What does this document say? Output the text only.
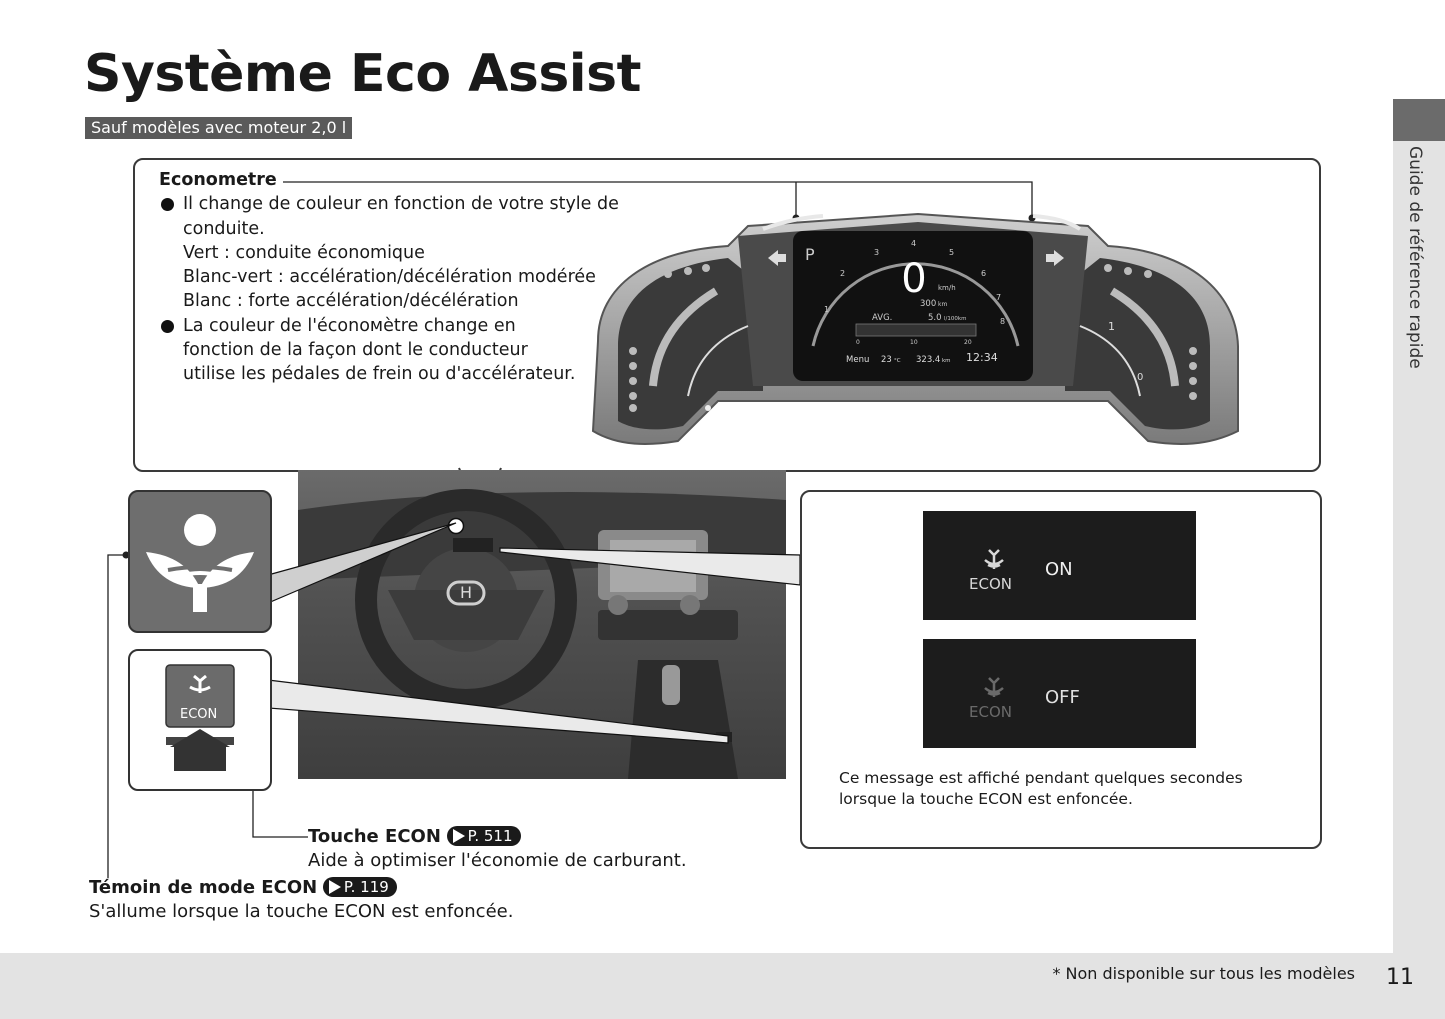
Système Eco Assist
Sauf modèles avec moteur 2,0 l
Guide de référence rapide
Econometre
Il change de couleur en fonction de votre style de
conduite.
Vert : conduite économique
Blanc-vert : accélération/décélération modérée
Blanc : forte accélération/décélération
La couleur de l'éconoмètre change en
fonction de la façon dont le conducteur
utilise les pédales de frein ou d'accélérateur.
P
0 km/h
1
2
3
4
5
6
7
8
300 km
AVG.	5.0 l/100km
0	10	20
Menu 23 °C 323.4 km 12:34
0
1
H
ECON
ECON
ON
ECON
OFF
Ce message est affiché pendant quelques secondes
lorsque la touche ECON est enfoncée.
Touche ECON P. 511
Aide à optimiser l'économie de carburant.
Témoin de mode ECON P. 119
S'allume lorsque la touche ECON est enfoncée.
* Non disponible sur tous les modèles 11
